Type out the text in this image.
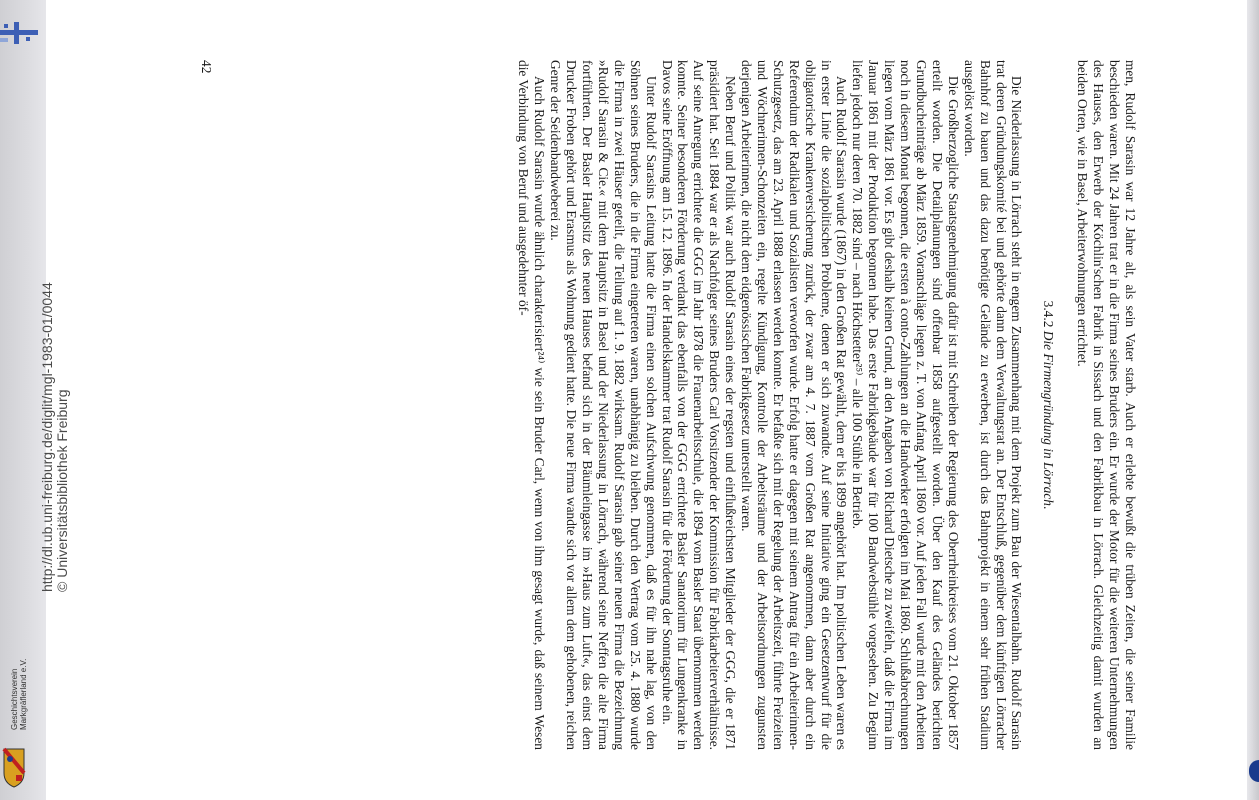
Geschichtsverein Markgräflerland e.V.
http://dl.ub.uni-freiburg.de/diglit/mgl-1983-01/0044 © Universitätsbibliothek Freiburg	men, Rudolf Sarasin war 12 Jahre alt, als sein Vater starb. Auch er erlebte bewußt die trüben Zeiten, die seiner Familie beschieden waren. Mit 24 Jahren trat er in die Firma seines Bruders ein. Er wurde der Motor für die weiteren Unternehmungen des Hauses, den Erwerb der Köchlin'schen Fabrik in Sissach und den Fabrikbau in Lörrach. Gleichzeitig damit wurden an beiden Orten, wie in Basel, Arbeiterwohnungen errichtet.

3.4.2 Die Firmengründung in Lörrach.

Die Niederlassung in Lörrach steht in engem Zusammenhang mit dem Projekt zum Bau der Wiesentalbahn. Rudolf Sarasin trat deren Gründungskomité bei und gehörte dann dem Verwaltungsrat an. Der Entschluß, gegenüber dem künftigen Lörracher Bahnhof zu bauen und das dazu benötigte Gelände zu erwerben, ist durch das Bahnprojekt in einem sehr frühen Stadium ausgelöst worden.

Die Großherzogliche Staatsgenehmigung dafür ist mit Schreiben der Regierung des Oberrheinkreises vom 21. Oktober 1857 erteilt worden. Die Detailplanungen sind offenbar 1858 aufgestellt worden. Über den Kauf des Geländes berichten Grundbucheinträge ab März 1859. Voranschläge liegen z. T. von Anfang April 1860 vor. Auf jeden Fall wurde mit den Arbeiten noch in diesem Monat begonnen, die ersten à conto-Zahlungen an die Handwerker erfolgten im Mai 1860. Schlußabrechnungen liegen vom März 1861 vor. Es gibt deshalb keinen Grund, an den Angaben von Richard Dietsche zu zweifeln, daß die Firma im Januar 1861 mit der Produktion begonnen habe. Das erste Fabrikgebäude war für 100 Bandwebstühle vorgesehen. Zu Beginn liefen jedoch nur deren 70. 1882 sind – nach Höchstetter²⁵⁾ – alle 100 Stühle in Betrieb.

Auch Rudolf Sarasin wurde (1867) in den Großen Rat gewählt, dem er bis 1899 angehört hat. Im politischen Leben waren es in erster Linie die sozialpolitischen Probleme, denen er sich zuwandte. Auf seine Initiative ging ein Gesetzentwurf für die obligatorische Krankenversicherung zurück, der zwar am 4. 7. 1887 vom Großen Rat angenommen, dann aber durch ein Referendum der Radikalen und Sozialisten verworfen wurde. Erfolg hatte er dagegen mit seinem Antrag für ein Arbeiterinnen-Schutzgesetz, das am 23. April 1888 erlassen werden konnte. Er befaßte sich mit der Regelung der Arbeitszeit, führte Freizeiten und Wöchnerinnen-Schonzeiten ein, regelte Kündigung, Kontrolle der Arbeitsräume und der Arbeitsordnungen zugunsten derjenigen Arbeiterinnen, die nicht dem eidgenössischen Fabrikgesetz unterstellt waren.

Neben Beruf und Politik war auch Rudolf Sarasin eines der regsten und einflußreichsten Mitglieder der GGG, die er 1871 präsidiert hat. Seit 1884 war er als Nachfolger seines Bruders Carl Vorsitzender der Kommission für Fabrikarbeiterverhältnisse. Auf seine Anregung errichtete die GGG im Jahr 1878 die Frauenarbeitsschule, die 1894 vom Basler Staat übernommen werden konnte. Seiner besonderen Förderung verdankt das ebenfalls von der GGG errichtete Basler Sanatorium für Lungenkranke in Davos seine Eröffnung am 15. 12. 1896. In der Handelskammer trat Rudolf Sarasin für die Förderung der Sonntagsruhe ein.

Unter Rudolf Sarasins Leitung hatte die Firma einen solchen Aufschwung genommen, daß es für ihn nahe lag, von den Söhnen seines Bruders, die in die Firma eingetreten waren, unabhängig zu bleiben. Durch den Vertrag vom 25. 4. 1880 wurde die Firma in zwei Häuser geteilt, die Teilung auf 1. 9. 1882 wirksam. Rudolf Sarasin gab seiner neuen Firma die Bezeichnung »Rudolf Sarasin & Cie.« mit dem Hauptsitz in Basel und der Niederlassung in Lörrach, während seine Neffen die alte Firma fortführten. Der Basler Hauptsitz des neuen Hauses befand sich in der Bäumleingasse im »Haus zum Luft«, das einst dem Drucker Froben gehört und Erasmus als Wohnung gedient hatte. Die neue Firma wandte sich vor allem dem gehobenen, reichen Genre der Seidenbandweberei zu.

Auch Rudolf Sarasin wurde ähnlich charakterisiert²⁴⁾ wie sein Bruder Carl, wenn von ihm gesagt wurde, daß seinem Wesen die Verbindung von Beruf und ausgedehnter öf-

42
